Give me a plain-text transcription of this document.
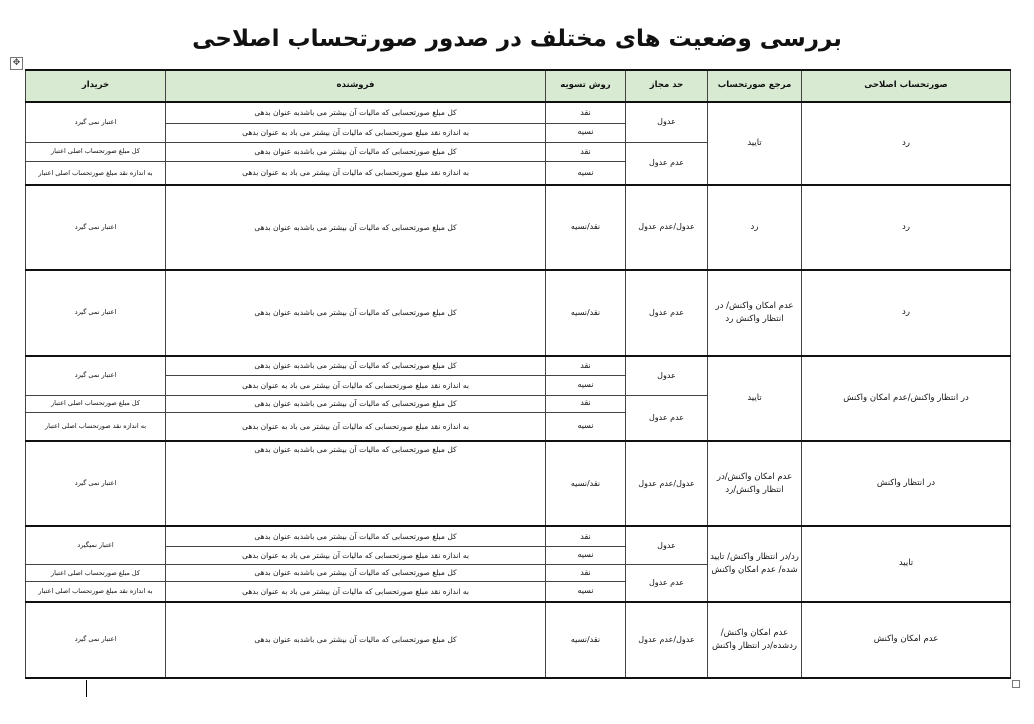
بررسی وضعیت های مختلف در صدور صورتحساب اصلاحی
✥
صورتحساب اصلاحی	مرجع صورتحساب	حد مجاز	روش تسویه	فروشنده	خریدار
رد	تایید	عدول	نقد	کل مبلغ صورتحسابی که مالیات آن بیشتر می باشدبه عنوان بدهی	اعتبار نمی گیرد
			نسیه	به اندازه نقد مبلغ صورتحسابی که مالیات آن بیشتر می باد به عنوان بدهی	
		عدم عدول	نقد	کل مبلغ صورتحسابی که مالیات آن بیشتر می باشدبه عنوان بدهی	کل مبلغ صورتحساب اصلی اعتبار
			نسیه	به اندازه نقد مبلغ صورتحسابی که مالیات آن بیشتر می باد به عنوان بدهی	به اندازه نقد مبلغ صورتحساب اصلی اعتبار
رد	رد	عدول/عدم عدول	نقد/نسیه	کل مبلغ صورتحسابی که مالیات آن بیشتر می باشدبه عنوان بدهی	اعتبار نمی گیرد
رد	عدم امکان واکنش/ در انتظار واکنش رد	عدم عدول	نقد/نسیه	کل مبلغ صورتحسابی که مالیات آن بیشتر می باشدبه عنوان بدهی	اعتبار نمی گیرد
در انتظار واکنش/عدم امکان واکنش	تایید	عدول	نقد	کل مبلغ صورتحسابی که مالیات آن بیشتر می باشدبه عنوان بدهی	اعتبار نمی گیرد
			نسیه	به اندازه نقد مبلغ صورتحسابی که مالیات آن بیشتر می باد به عنوان بدهی	
		عدم عدول	نقد	کل مبلغ صورتحسابی که مالیات آن بیشتر می باشدبه عنوان بدهی	کل مبلغ صورتحساب اصلی اعتبار
			نسیه	به اندازه نقد مبلغ صورتحسابی که مالیات آن بیشتر می باد به عنوان بدهی	به اندازه نقد صورتحساب اصلی اعتبار
در انتظار واکنش	عدم امکان واکنش/در انتظار واکنش/رد	عدول/عدم عدول	نقد/نسیه	کل مبلغ صورتحسابی که مالیات آن بیشتر می باشدبه عنوان بدهی	اعتبار نمی گیرد
تایید	رد/در انتظار واکنش/ تایید شده/ عدم امکان واکنش	عدول	نقد	کل مبلغ صورتحسابی که مالیات آن بیشتر می باشدبه عنوان بدهی	اعتبار نمیگیرد
			نسیه	به اندازه نقد مبلغ صورتحسابی که مالیات آن بیشتر می باد به عنوان بدهی	
		عدم عدول	نقد	کل مبلغ صورتحسابی که مالیات آن بیشتر می باشدبه عنوان بدهی	کل مبلغ صورتحساب اصلی اعتبار
			نسیه	به اندازه نقد مبلغ صورتحسابی که مالیات آن بیشتر می باد به عنوان بدهی	به اندازه نقد مبلغ صورتحساب اصلی اعتبار
عدم امکان واکنش	عدم امکان واکنش/ ردشده/در انتظار واکنش	عدول/عدم عدول	نقد/نسیه	کل مبلغ صورتحسابی که مالیات آن بیشتر می باشدبه عنوان بدهی	اعتبار نمی گیرد
